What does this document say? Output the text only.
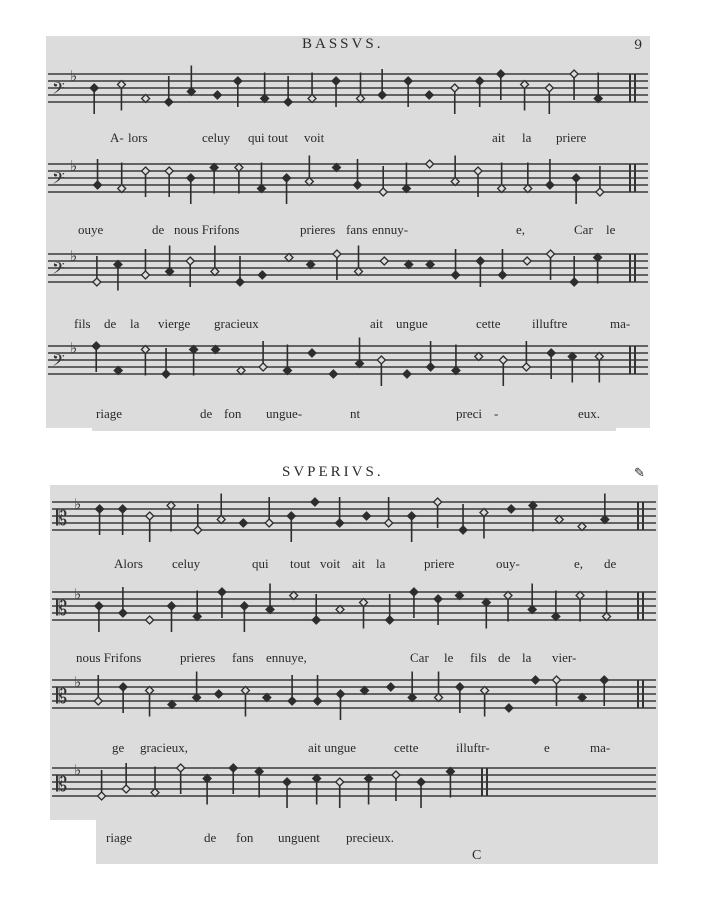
BASSVS.	9
𝄢
♭
A- lors	celuy qui tout voit	ait la priere
𝄢
♭
ouye	de nous Frifons	prieres fans ennuy-	e,	Car le
𝄢
♭
fils de la vierge gracieux	ait ungue	cette illuftre	ma-
𝄢
♭
riage	de fon ungue-	nt	preci -	eux.
SVPERIVS.	✎
𝄡
♭
Alors celuy	qui tout voit ait la	priere	ouy-	e, de
𝄡
♭
nous Frifons	prieres fans ennuye,	Car le fils de la vier-
𝄡
♭
ge gracieux,	ait ungue	cette	illuftr-	e	ma-
𝄡
♭
riage	de fon unguent precieux.
C
